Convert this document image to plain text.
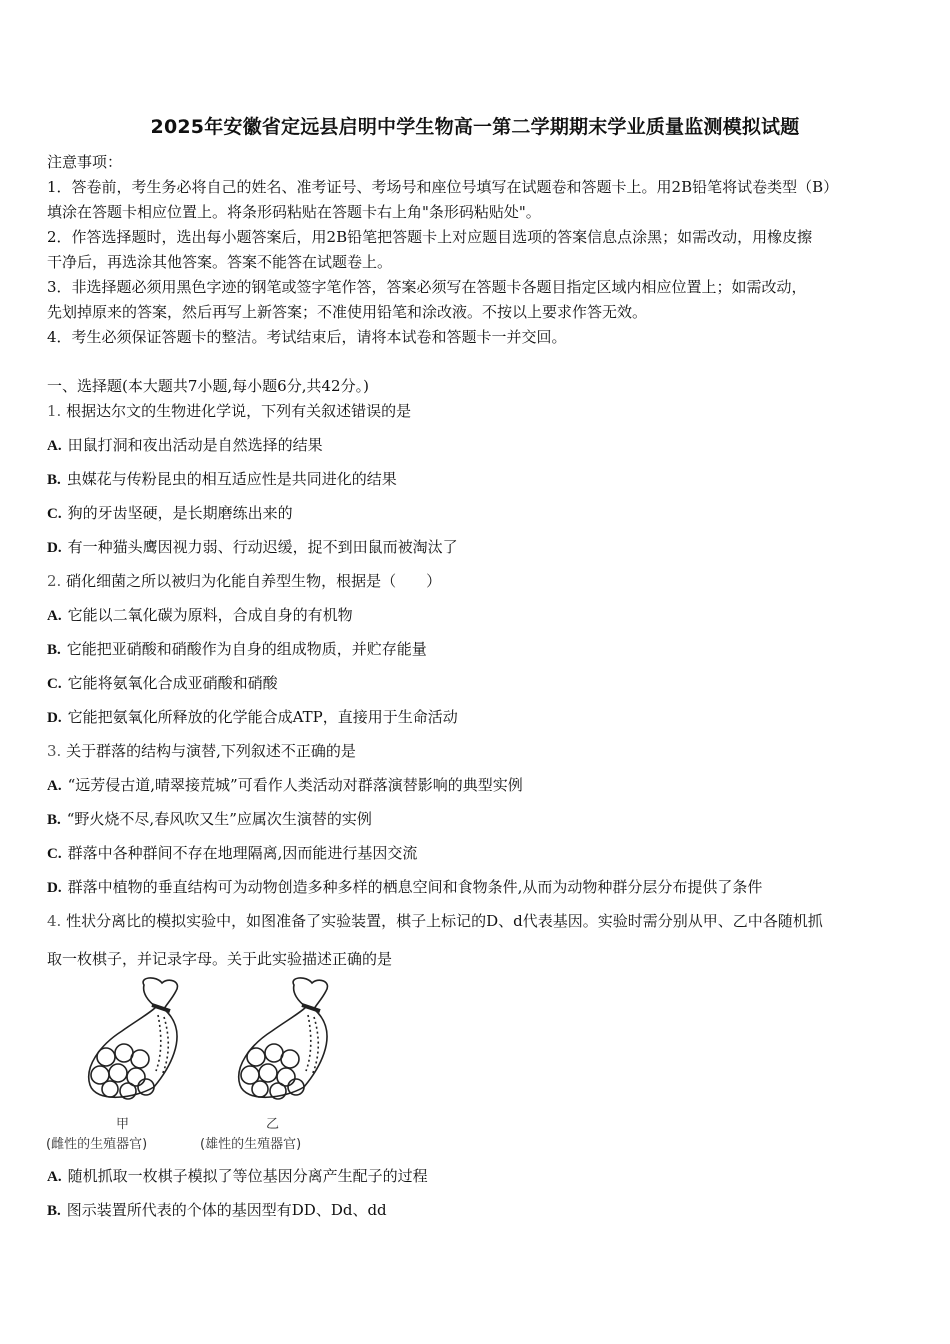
2025年安徽省定远县启明中学生物高一第二学期期末学业质量监测模拟试题
注意事项：
1．答卷前，考生务必将自己的姓名、准考证号、考场号和座位号填写在试题卷和答题卡上。用2B铅笔将试卷类型（B）
填涂在答题卡相应位置上。将条形码粘贴在答题卡右上角"条形码粘贴处"。
2．作答选择题时，选出每小题答案后，用2B铅笔把答题卡上对应题目选项的答案信息点涂黑；如需改动，用橡皮擦
干净后，再选涂其他答案。答案不能答在试题卷上。
3．非选择题必须用黑色字迹的钢笔或签字笔作答，答案必须写在答题卡各题目指定区域内相应位置上；如需改动，
先划掉原来的答案，然后再写上新答案；不准使用铅笔和涂改液。不按以上要求作答无效。
4．考生必须保证答题卡的整洁。考试结束后，请将本试卷和答题卡一并交回。
一、选择题(本大题共7小题,每小题6分,共42分。)
1. 根据达尔文的生物进化学说，下列有关叙述错误的是
A. 田鼠打洞和夜出活动是自然选择的结果
B. 虫媒花与传粉昆虫的相互适应性是共同进化的结果
C. 狗的牙齿坚硬，是长期磨练出来的
D. 有一种猫头鹰因视力弱、行动迟缓，捉不到田鼠而被淘汰了
2. 硝化细菌之所以被归为化能自养型生物，根据是（　　）
A. 它能以二氧化碳为原料，合成自身的有机物
B. 它能把亚硝酸和硝酸作为自身的组成物质，并贮存能量
C. 它能将氨氧化合成亚硝酸和硝酸
D. 它能把氨氧化所释放的化学能合成ATP，直接用于生命活动
3. 关于群落的结构与演替,下列叙述不正确的是
A. “远芳侵古道,晴翠接荒城”可看作人类活动对群落演替影响的典型实例
B. “野火烧不尽,春风吹又生”应属次生演替的实例
C. 群落中各种群间不存在地理隔离,因而能进行基因交流
D. 群落中植物的垂直结构可为动物创造多种多样的栖息空间和食物条件,从而为动物种群分层分布提供了条件
4. 性状分离比的模拟实验中，如图准备了实验装置，棋子上标记的D、d代表基因。实验时需分别从甲、乙中各随机抓
取一枚棋子，并记录字母。关于此实验描述正确的是
甲
(雌性的生殖器官)
乙
(雄性的生殖器官)
A. 随机抓取一枚棋子模拟了等位基因分离产生配子的过程
B. 图示装置所代表的个体的基因型有DD、Dd、dd
